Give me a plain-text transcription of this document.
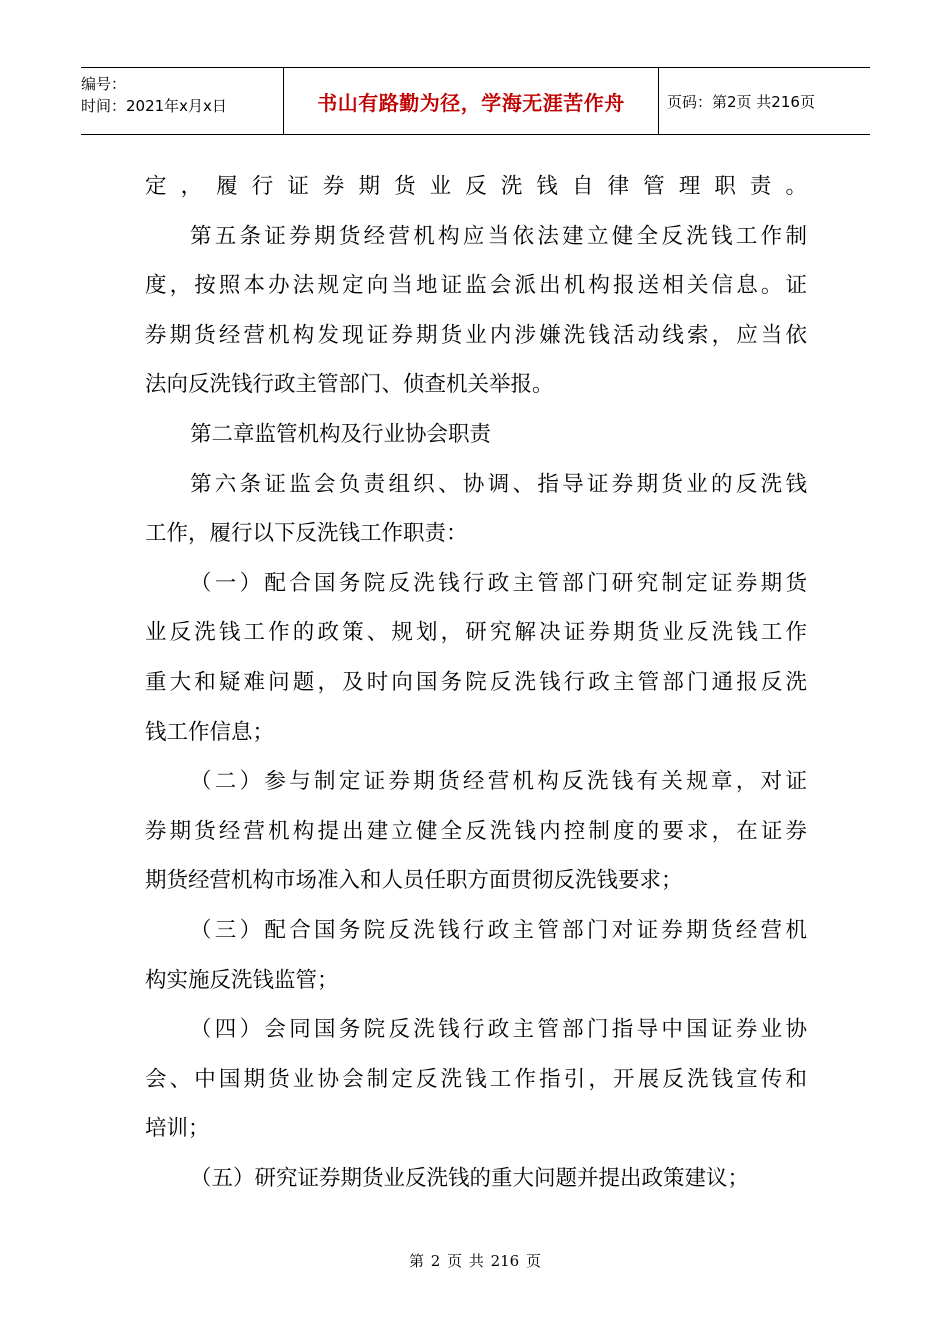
编号：
时间：2021年x月x日	书山有路勤为径，学海无涯苦作舟	页码：第2页 共216页
定，履行证券期货业反洗钱自律管理职责。
第五条证券期货经营机构应当依法建立健全反洗钱工作制
度，按照本办法规定向当地证监会派出机构报送相关信息。证
券期货经营机构发现证券期货业内涉嫌洗钱活动线索，应当依
法向反洗钱行政主管部门、侦查机关举报。
第二章监管机构及行业协会职责
第六条证监会负责组织、协调、指导证券期货业的反洗钱
工作，履行以下反洗钱工作职责：
（一）配合国务院反洗钱行政主管部门研究制定证券期货
业反洗钱工作的政策、规划，研究解决证券期货业反洗钱工作
重大和疑难问题，及时向国务院反洗钱行政主管部门通报反洗
钱工作信息；
（二）参与制定证券期货经营机构反洗钱有关规章，对证
券期货经营机构提出建立健全反洗钱内控制度的要求，在证券
期货经营机构市场准入和人员任职方面贯彻反洗钱要求；
（三）配合国务院反洗钱行政主管部门对证券期货经营机
构实施反洗钱监管；
（四）会同国务院反洗钱行政主管部门指导中国证券业协
会、中国期货业协会制定反洗钱工作指引，开展反洗钱宣传和
培训；
（五）研究证券期货业反洗钱的重大问题并提出政策建议；
第 2 页 共 216 页
